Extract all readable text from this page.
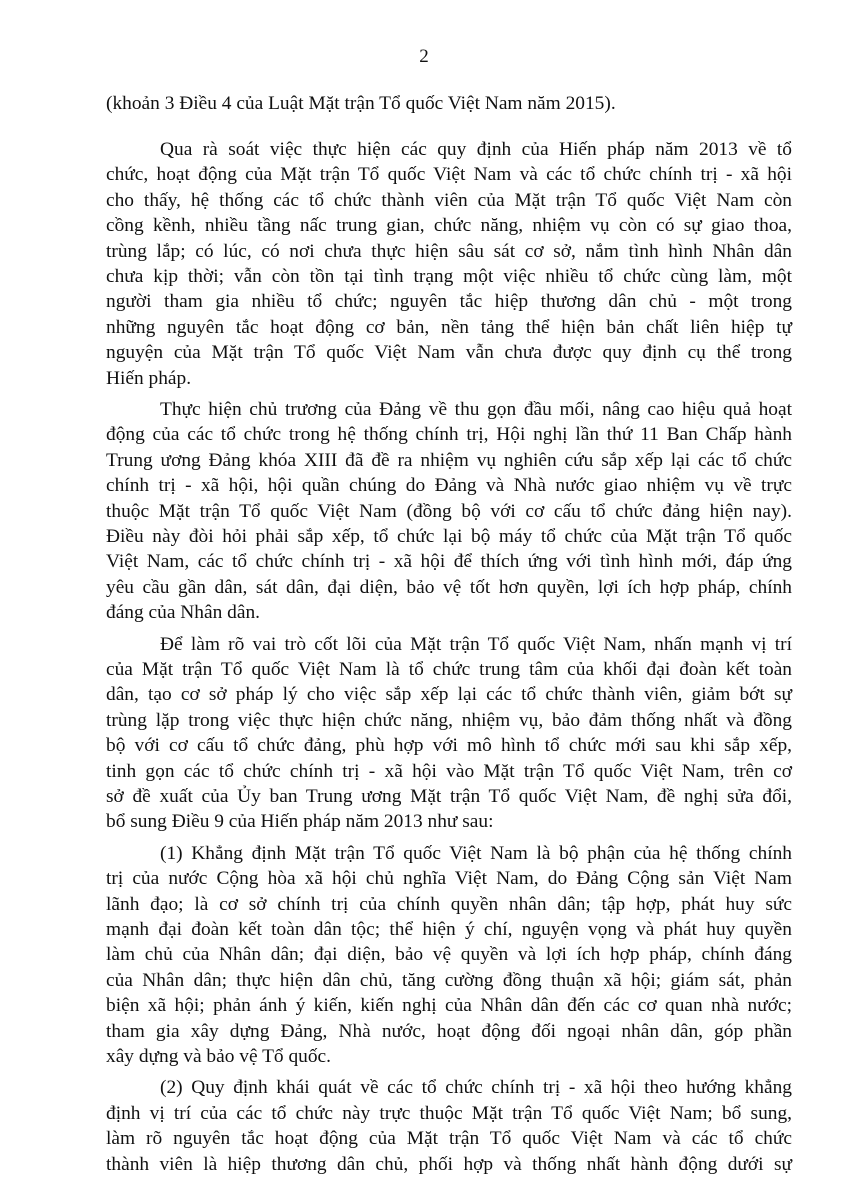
2

(khoản 3 Điều 4 của Luật Mặt trận Tổ quốc Việt Nam năm 2015).

Qua rà soát việc thực hiện các quy định của Hiến pháp năm 2013 về tổ

chức, hoạt động của Mặt trận Tổ quốc Việt Nam và các tổ chức chính trị - xã hội

cho thấy, hệ thống các tổ chức thành viên của Mặt trận Tổ quốc Việt Nam còn

cồng kềnh, nhiều tầng nấc trung gian, chức năng, nhiệm vụ còn có sự giao thoa,

trùng lắp; có lúc, có nơi chưa thực hiện sâu sát cơ sở, nắm tình hình Nhân dân

chưa kịp thời; vẫn còn tồn tại tình trạng một việc nhiều tổ chức cùng làm, một

người tham gia nhiều tổ chức; nguyên tắc hiệp thương dân chủ - một trong

những nguyên tắc hoạt động cơ bản, nền tảng thể hiện bản chất liên hiệp tự

nguyện của Mặt trận Tổ quốc Việt Nam vẫn chưa được quy định cụ thể trong

Hiến pháp.

Thực hiện chủ trương của Đảng về thu gọn đầu mối, nâng cao hiệu quả hoạt

động của các tổ chức trong hệ thống chính trị, Hội nghị lần thứ 11 Ban Chấp hành

Trung ương Đảng khóa XIII đã đề ra nhiệm vụ nghiên cứu sắp xếp lại các tổ chức

chính trị - xã hội, hội quần chúng do Đảng và Nhà nước giao nhiệm vụ về trực

thuộc Mặt trận Tổ quốc Việt Nam (đồng bộ với cơ cấu tổ chức đảng hiện nay).

Điều này đòi hỏi phải sắp xếp, tổ chức lại bộ máy tổ chức của Mặt trận Tổ quốc

Việt Nam, các tổ chức chính trị - xã hội để thích ứng với tình hình mới, đáp ứng

yêu cầu gần dân, sát dân, đại diện, bảo vệ tốt hơn quyền, lợi ích hợp pháp, chính

đáng của Nhân dân.

Để làm rõ vai trò cốt lõi của Mặt trận Tổ quốc Việt Nam, nhấn mạnh vị trí

của Mặt trận Tổ quốc Việt Nam là tổ chức trung tâm của khối đại đoàn kết toàn

dân, tạo cơ sở pháp lý cho việc sắp xếp lại các tổ chức thành viên, giảm bớt sự

trùng lặp trong việc thực hiện chức năng, nhiệm vụ, bảo đảm thống nhất và đồng

bộ với cơ cấu tổ chức đảng, phù hợp với mô hình tổ chức mới sau khi sắp xếp,

tinh gọn các tổ chức chính trị - xã hội vào Mặt trận Tổ quốc Việt Nam, trên cơ

sở đề xuất của Ủy ban Trung ương Mặt trận Tổ quốc Việt Nam, đề nghị sửa đổi,

bổ sung Điều 9 của Hiến pháp năm 2013 như sau:

(1) Khẳng định Mặt trận Tổ quốc Việt Nam là bộ phận của hệ thống chính

trị của nước Cộng hòa xã hội chủ nghĩa Việt Nam, do Đảng Cộng sản Việt Nam

lãnh đạo; là cơ sở chính trị của chính quyền nhân dân; tập hợp, phát huy sức

mạnh đại đoàn kết toàn dân tộc; thể hiện ý chí, nguyện vọng và phát huy quyền

làm chủ của Nhân dân; đại diện, bảo vệ quyền và lợi ích hợp pháp, chính đáng

của Nhân dân; thực hiện dân chủ, tăng cường đồng thuận xã hội; giám sát, phản

biện xã hội; phản ánh ý kiến, kiến nghị của Nhân dân đến các cơ quan nhà nước;

tham gia xây dựng Đảng, Nhà nước, hoạt động đối ngoại nhân dân, góp phần

xây dựng và bảo vệ Tổ quốc.

(2) Quy định khái quát về các tổ chức chính trị - xã hội theo hướng khẳng

định vị trí của các tổ chức này trực thuộc Mặt trận Tổ quốc Việt Nam; bổ sung,

làm rõ nguyên tắc hoạt động của Mặt trận Tổ quốc Việt Nam và các tổ chức

thành viên là hiệp thương dân chủ, phối hợp và thống nhất hành động dưới sự
